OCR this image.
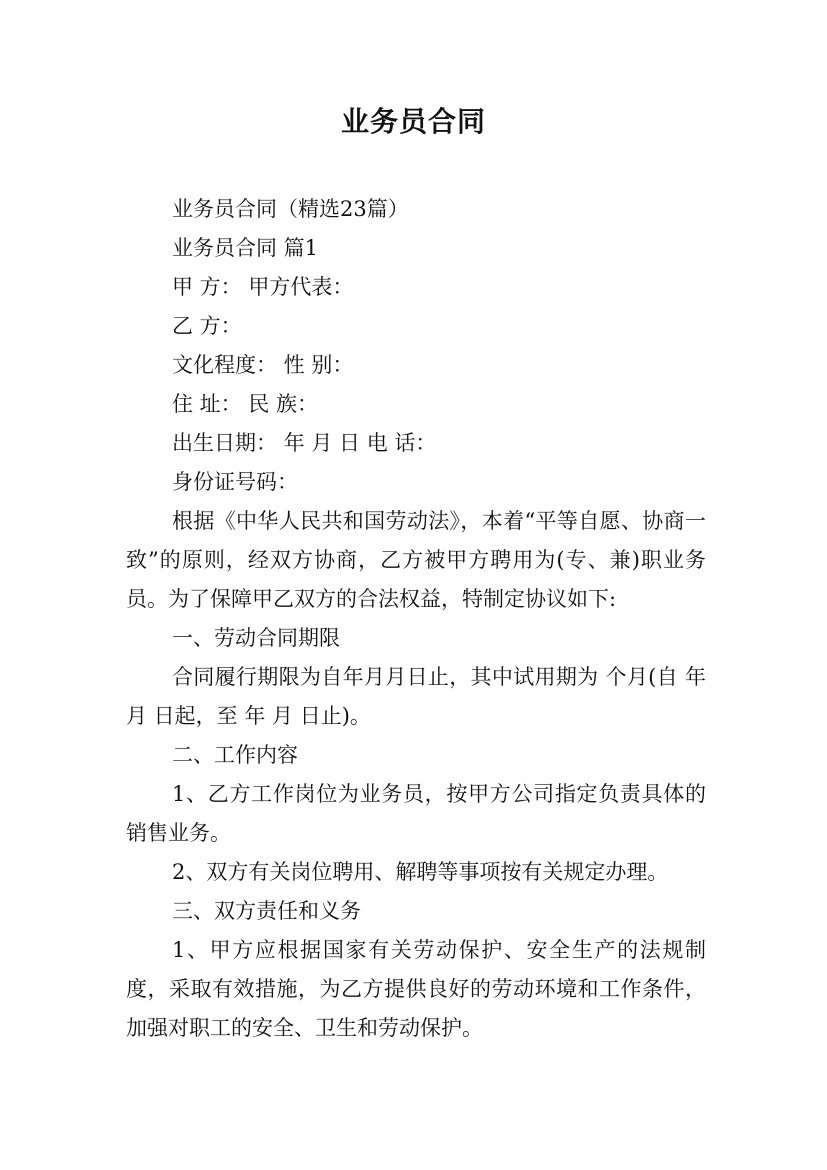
业务员合同
业务员合同（精选23篇）
业务员合同 篇1
甲 方： 甲方代表：
乙 方：
文化程度： 性 别：
住 址： 民 族：
出生日期： 年 月 日 电 话：
身份证号码：
根据《中华人民共和国劳动法》，本着“平等自愿、协商一致”的原则，经双方协商，乙方被甲方聘用为(专、兼)职业务员。为了保障甲乙双方的合法权益，特制定协议如下:
一、劳动合同期限
合同履行期限为自年月月日止，其中试用期为 个月(自 年 月 日起，至 年 月 日止)。
二、工作内容
1、乙方工作岗位为业务员，按甲方公司指定负责具体的销售业务。
2、双方有关岗位聘用、解聘等事项按有关规定办理。
三、双方责任和义务
1、甲方应根据国家有关劳动保护、安全生产的法规制度，采取有效措施，为乙方提供良好的劳动环境和工作条件，加强对职工的安全、卫生和劳动保护。
